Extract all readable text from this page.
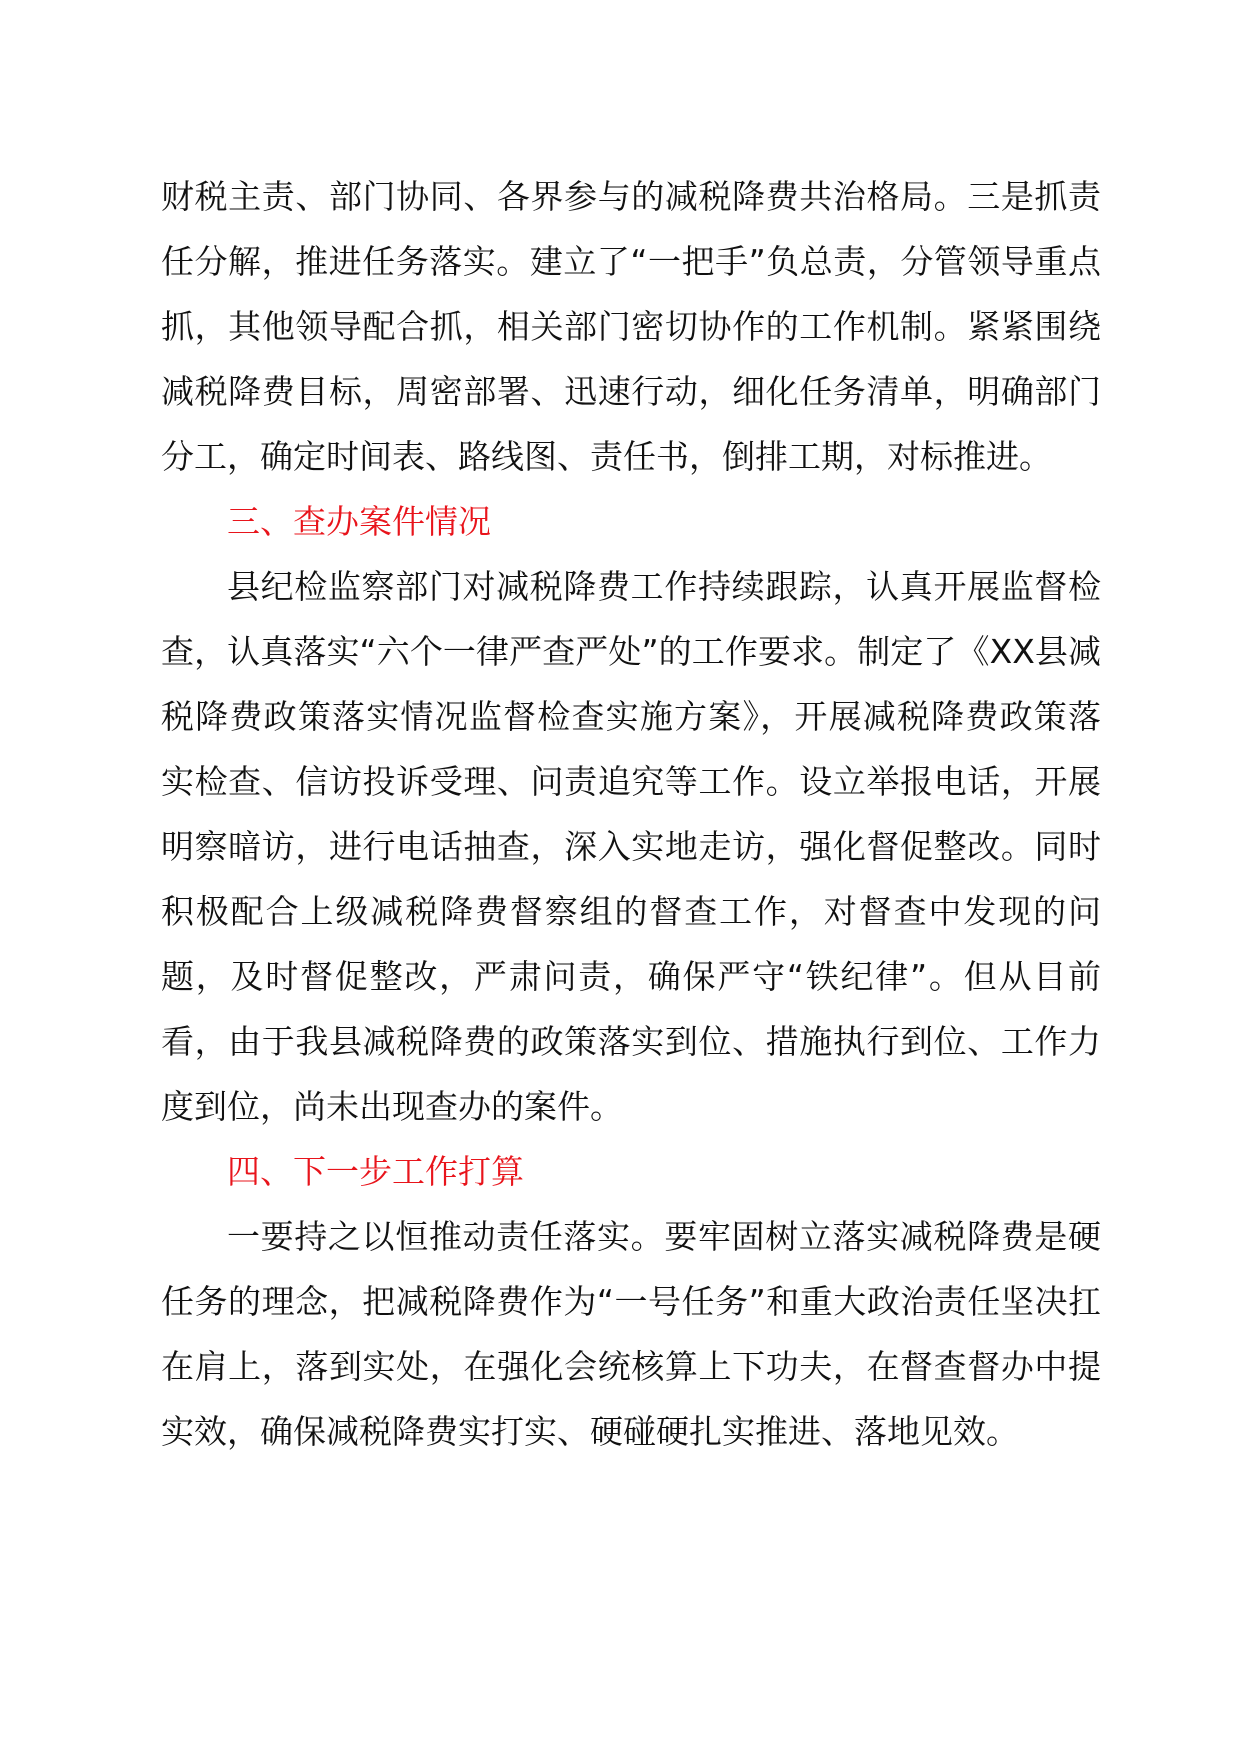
财税主责、部门协同、各界参与的减税降费共治格局。三是抓责任分解，推进任务落实。建立了“一把手”负总责，分管领导重点抓，其他领导配合抓，相关部门密切协作的工作机制。紧紧围绕减税降费目标，周密部署、迅速行动，细化任务清单，明确部门分工，确定时间表、路线图、责任书，倒排工期，对标推进。

三、查办案件情况

县纪检监察部门对减税降费工作持续跟踪，认真开展监督检查，认真落实“六个一律严查严处”的工作要求。制定了《XX县减税降费政策落实情况监督检查实施方案》，开展减税降费政策落实检查、信访投诉受理、问责追究等工作。设立举报电话，开展明察暗访，进行电话抽查，深入实地走访，强化督促整改。同时积极配合上级减税降费督察组的督查工作，对督查中发现的问题，及时督促整改，严肃问责，确保严守“铁纪律”。但从目前看，由于我县减税降费的政策落实到位、措施执行到位、工作力度到位，尚未出现查办的案件。

四、下一步工作打算

一要持之以恒推动责任落实。要牢固树立落实减税降费是硬任务的理念，把减税降费作为“一号任务”和重大政治责任坚决扛在肩上，落到实处，在强化会统核算上下功夫，在督查督办中提实效，确保减税降费实打实、硬碰硬扎实推进、落地见效。
